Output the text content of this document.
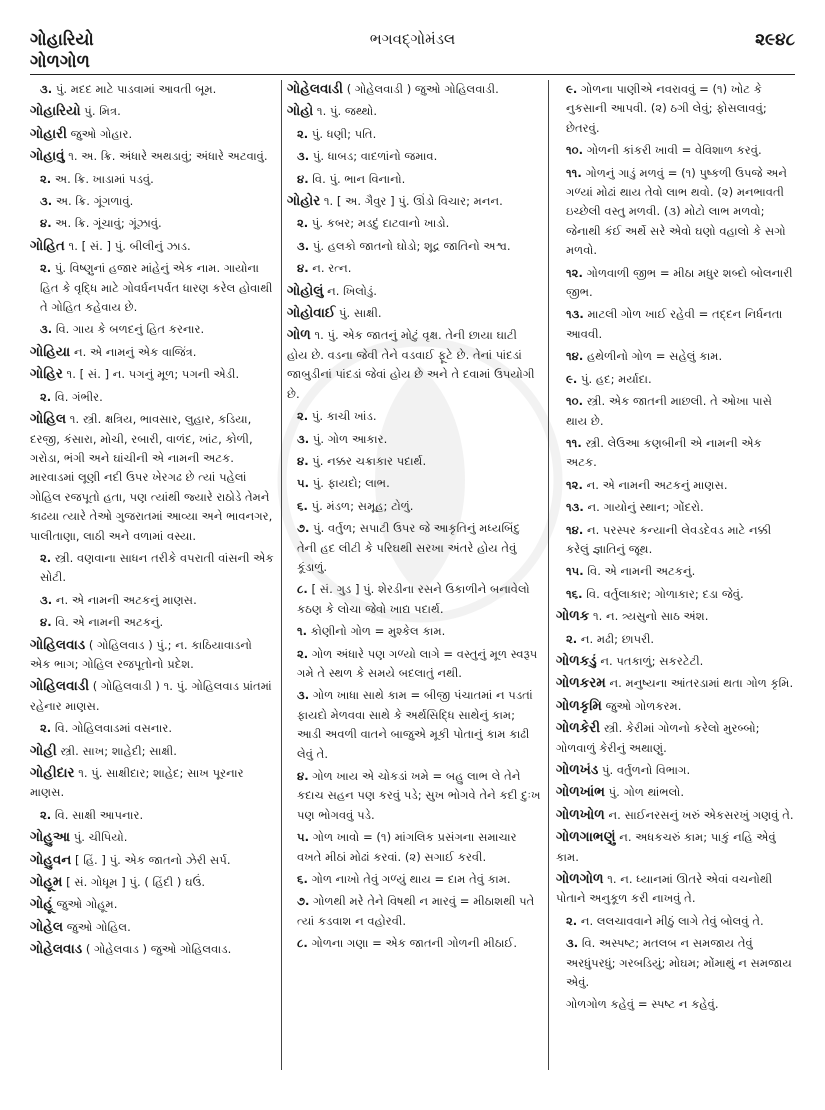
ગોહારિયો
ગોળગોળ
ભગવદ્ગોમંડલ	૨૯૪૮
૩. પું. મદદ માટે પાડવામાં આવતી બૂમ.
ગોહારિયો પું. મિત્ર.
ગોહારી જુઓ ગોહાર.
ગોહાવું ૧. અ. ક્રિ. અંધારે અથડાવું; અંધારે અટવાવું.
૨. અ. ક્રિ. ખાડામાં પડવું.
૩. અ. ક્રિ. ગૂંગળાવું.
૪. અ. ક્રિ. ગૂંચાવું; ગૂંઝાવું.
ગોહિત ૧. [ સં. ] પું. બીલીનું ઝાડ.
૨. પું. વિષ્ણુનાં હજાર માંહેનું એક નામ. ગાયોના હિત કે વૃદ્ધિ માટે ગોવર્ધનપર્વત ધારણ કરેલ હોવાથી તે ગોહિત કહેવાય છે.
૩. વિ. ગાય કે બળદનું હિત કરનાર.
ગોહિયા ન. એ નામનું એક વાજિંત્ર.
ગોહિર ૧. [ સં. ] ન. પગનું મૂળ; પગની એડી.
૨. વિ. ગંભીર.
ગોહિલ ૧. સ્ત્રી. ક્ષત્રિય, ભાવસાર, લુહાર, કડિયા, દરજી, કંસારા, મોચી, રબારી, વાળંદ, ખાંટ, કોળી, ગરોડા, ભંગી અને ઘાંચીની એ નામની અટક. મારવાડમાં લૂણી નદી ઉપર ખેરગઢ છે ત્યાં પહેલાં ગોહિલ રજપૂતો હતા, પણ ત્યાંથી જ્યારે રાઠોડે તેમને કાઢયા ત્યારે તેઓ ગુજરાતમાં આવ્યા અને ભાવનગર, પાલીતાણા, લાઠી અને વળામાં વસ્યા.
૨. સ્ત્રી. વણવાના સાધન તરીકે વપરાતી વાંસની એક સોટી.
૩. ન. એ નામની અટકનું માણસ.
૪. વિ. એ નામની અટકનું.
ગોહિલવાડ ( ગોહિલવાડ ) પું.; ન. કાઠિયાવાડનો એક ભાગ; ગોહિલ રજપૂતોનો પ્રદેશ.
ગોહિલવાડી ( ગોહિલવાડી ) ૧. પું. ગોહિલવાડ પ્રાંતમાં રહેનાર માણસ.
૨. વિ. ગોહિલવાડમાં વસનાર.
ગોહી સ્ત્રી. સાખ; શાહેદી; સાક્ષી.
ગોહીદાર ૧. પું. સાક્ષીદાર; શાહેદ; સાખ પૂરનાર માણસ.
૨. વિ. સાક્ષી આપનાર.
ગોહુઆ પું. ચીપિયો.
ગોહુવન [ હિં. ] પું. એક જાતનો ઝેરી સર્પ.
ગોહૂમ [ સં. ગોધૂમ ] પું. ( હિંદી ) ઘઉં.
ગોહૂં જુઓ ગોહૂમ.
ગોહેલ જુઓ ગોહિલ.
ગોહેલવાડ ( ગોહેલવાડ ) જુઓ ગોહિલવાડ.
ગોહેલવાડી ( ગોહેલવાડી ) જુઓ ગોહિલવાડી.
ગોહો ૧. પું. જથ્થો.
૨. પું. ધણી; પતિ.
૩. પું. ધાબડ; વાદળાંનો જમાવ.
૪. વિ. પું. ભાન વિનાનો.
ગોહોર ૧. [ અ. ગૈવુર ] પું. ઊંડો વિચાર; મનન.
૨. પું. કબર; મડદું દાટવાનો ખાડો.
૩. પું. હલકો જાતનો ઘોડો; શૂદ્ર જાતિનો અશ્વ.
૪. ન. રત્ન.
ગોહોલું ન. ખિલોડું.
ગોહોવાઈ પું. સાક્ષી.
ગોળ ૧. પું. એક જાતનું મોટું વૃક્ષ. તેની છાયા ઘાટી હોય છે. વડના જેવી તેને વડવાઈ ફૂટે છે. તેનાં પાંદડાં જાબુડીનાં પાંદડાં જેવાં હોય છે અને તે દવામાં ઉપયોગી છે.
૨. પું. કાચી ખાંડ.
૩. પું. ગોળ આકાર.
૪. પું. નક્કર ચક્રાકાર પદાર્થ.
૫. પું. ફાયદો; લાભ.
૬. પું. મંડળ; સમૂહ; ટોળું.
૭. પું. વર્તુળ; સપાટી ઉપર જે આકૃતિનું મધ્યબિંદુ તેની હદ લીટી કે પરિઘથી સરખા અંતરે હોય તેવું કૂંડાળું.
૮. [ સં. ગુડ ] પું. શેરડીના રસને ઉકાળીને બનાવેલો કઠણ કે લોચા જેવો ખાદ્ય પદાર્થ.
૧. કોણીનો ગોળ = મુશ્કેલ કામ.
૨. ગોળ અંધારે પણ ગળ્યો લાગે = વસ્તુનું મૂળ સ્વરૂપ ગમે તે સ્થળ કે સમયે બદલાતું નથી.
૩. ગોળ ખાધા સાથે કામ = બીજી પંચાતમાં ન પડતાં ફાયદો મેળવવા સાથે કે અર્થસિદ્ધિ સાથેનું કામ; આડી અવળી વાતને બાજુએ મૂકી પોતાનું કામ કાઢી લેવું તે.
૪. ગોળ ખાય એ ચોકડાં ખમે = બહુ લાભ લે તેને કદાચ સહન પણ કરવું પડે; સુખ ભોગવે તેને કદી દુઃખ પણ ભોગવવું પડે.
૫. ગોળ ખાવો = (૧) માંગલિક પ્રસંગના સમાચાર વખતે મીઠાં મોઢાં કરવાં. (૨) સગાઈ કરવી.
૬. ગોળ નાખો તેવું ગળ્યું થાય = દામ તેવું કામ.
૭. ગોળથી મરે તેને વિષથી ન મારવું = મીઠાશથી પતે ત્યાં કડવાશ ન વહોરવી.
૮. ગોળના ગણા = એક જાતની ગોળની મીઠાઈ.
૯. ગોળના પાણીએ નવરાવવું = (૧) ખોટ કે નુકસાની આપવી. (૨) ઠગી લેવું; ફોસલાવવું; છેતરવું.
૧૦. ગોળની કાંકરી ખાવી = વેવિશાળ કરવું.
૧૧. ગોળનું ગાડું મળવું = (૧) પુષ્કળી ઉપજે અને ગળ્યાં મોઢાં થાય તેવો લાભ થવો. (૨) મનભાવતી ઇચ્છેલી વસ્તુ મળવી. (૩) મોટો લાભ મળવો; જેનાથી કંઈ અર્થે સરે એવો ઘણો વહાલો કે સગો મળવો.
૧૨. ગોળવાળી જીભ = મીઠા મધુર શબ્દો બોલનારી જીભ.
૧૩. માટલી ગોળ ખાઈ રહેવી = તદ્દન નિર્ધનતા આવવી.
૧૪. હથેળીનો ગોળ = સહેલું કામ.
૯. પું. હદ; મર્યાદા.
૧૦. સ્ત્રી. એક જાતની માછલી. તે ઓખા પાસે થાય છે.
૧૧. સ્ત્રી. લેઉઆ કણબીની એ નામની એક અટક.
૧૨. ન. એ નામની અટકનું માણસ.
૧૩. ન. ગાયોનું સ્થાન; ગોંદરો.
૧૪. ન. પરસ્પર કન્યાની લેવડદેવડ માટે નક્કી કરેલું જ્ઞાતિનું જૂથ.
૧૫. વિ. એ નામની અટકનું.
૧૬. વિ. વર્તુલાકાર; ગોળાકાર; દડા જેવું.
ગોળક ૧. ન. ત્ર્યસુનો સાઠ અંશ.
૨. ન. મઢી; છાપરી.
ગોળકડું ન. પતકાળું; સકરટેટી.
ગોળકરમ ન. મનુષ્યના આંતરડામાં થતા ગોળ કૃમિ.
ગોળકૃમિ જુઓ ગોળકરમ.
ગોળકેરી સ્ત્રી. કેરીમાં ગોળનો કરેલો મુરબ્બો; ગોળવાળું કેરીનું અથાણું.
ગોળખંડ પું. વર્તુળનો વિભાગ.
ગોળખાંભ પું. ગોળ થાંભલો.
ગોળખોળ ન. સાઈનરસનું ખરું એકસરખું ગણવું તે.
ગોળગાભણું ન. અધકચરું કામ; પાકું નહિ એવું કામ.
ગોળગોળ ૧. ન. ધ્યાનમાં ઊતરે એવાં વચનોથી પોતાને અનુકૂળ કરી નાખવું તે.
૨. ન. લલચાવવાને મીઠું લાગે તેવું બોલવું તે.
૩. વિ. અસ્પષ્ટ; મતલબ ન સમજાય તેવું અરધુંપરધું; ગરબડિયું; મોઘમ; મોંમાથું ન સમજાય એવું.
ગોળગોળ કહેવું = સ્પષ્ટ ન કહેવું.
